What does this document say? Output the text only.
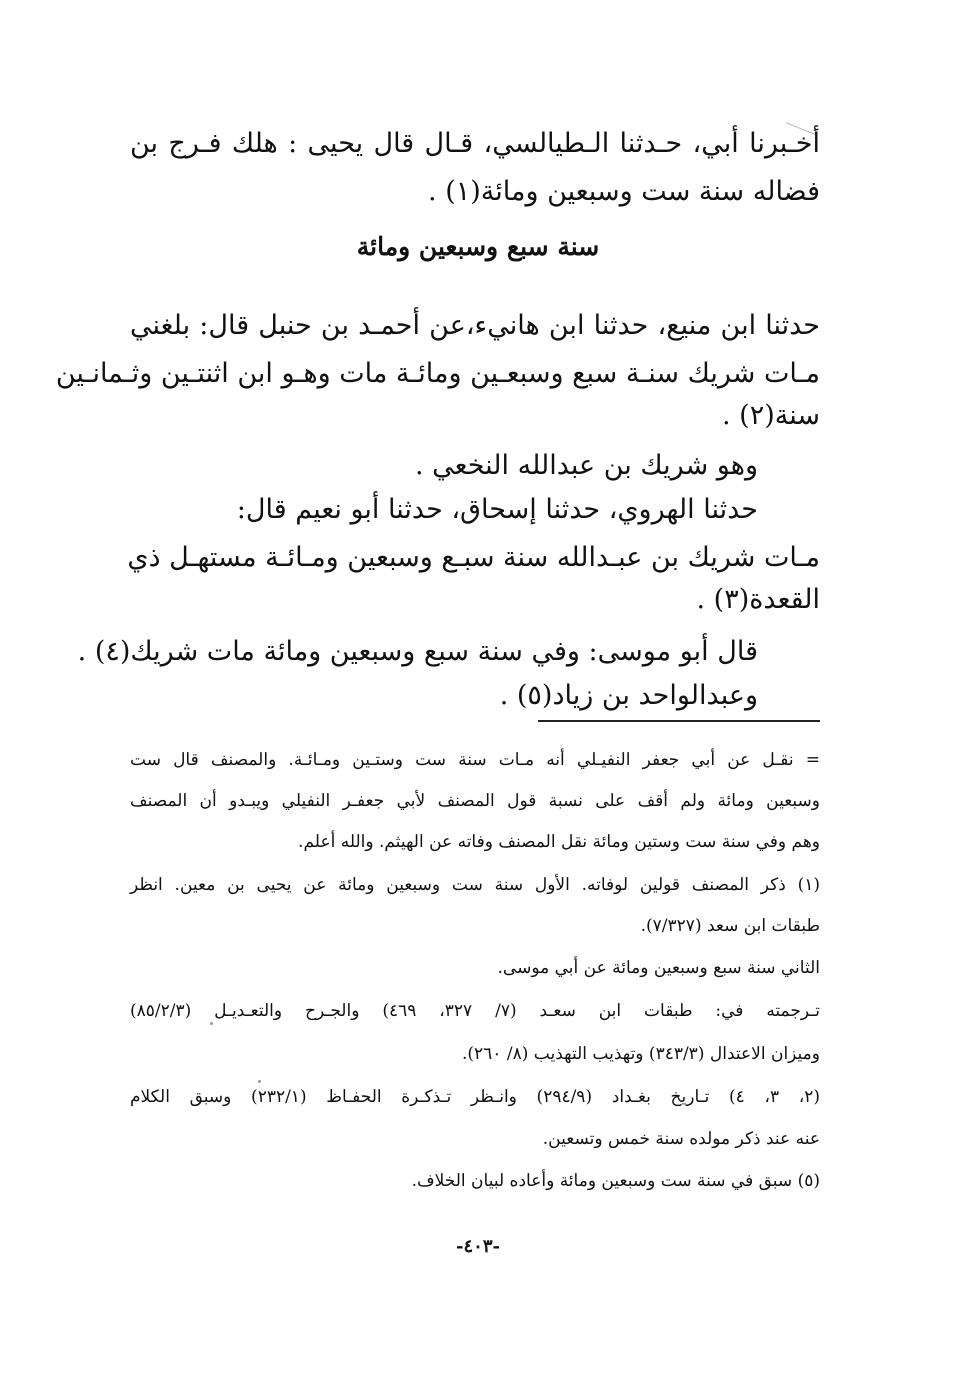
أخـبرنا أبي، حـدثنا الـطيالسي، قـال قال يحيى : هلك فـرج بن
فضاله سنة ست وسبعين ومائة(١) .
سنة سبع وسبعين ومائة
حدثنا ابن منيع، حدثنا ابن هانيء،عن أحمـد بن حنبل قال: بلغني
مـات شريك سنـة سبع وسبعـين ومائـة مات وهـو ابن اثنتـين وثـمانـين
سنة(٢) .
وهو شريك بن عبدالله النخعي .
حدثنا الهروي، حدثنا إسحاق، حدثنا أبو نعيم قال:
مـات شريك بن عبـدالله سنة سبـع وسبعين ومـائـة مستهـل ذي
القعدة(٣) .
قال أبو موسى: وفي سنة سبع وسبعين ومائة مات شريك(٤) .
وعبدالواحد بن زياد(٥) .
= نقـل عن أبي جعفر النفيـلي أنه مـات سنة ست وستـين ومـائـة. والمصنف قال ست
وسبعين ومائة ولم أقف على نسبة قول المصنف لأبي جعفـر النفيلي ويبـدو أن المصنف
وهم وفي سنة ست وستين ومائة نقل المصنف وفاته عن الهيثم. والله أعلم.
(١) ذكر المصنف قولين لوفاته. الأول سنة ست وسبعين ومائة عن يحيى بن معين. انظر
طبقات ابن سعد (٧/٣٢٧).
الثاني سنة سبع وسبعين ومائة عن أبي موسى.
تـرجمته في: طبقات ابن سعـد (٧/ ٣٢٧، ٤٦٩) والجـرح والتعـديـل (٨٥/٢/٣)
وميزان الاعتدال (٣٤٣/٣) وتهذيب التهذيب (٨/ ٢٦٠).
(٢، ٣، ٤) تـاريخ بغـداد (٢٩٤/٩) وانـظر تـذكـرة الحفـاظ (٢٣٢/١) وسبق الكلام
عنه عند ذكر مولده سنة خمس وتسعين.
(٥) سبق في سنة ست وسبعين ومائة وأعاده لبيان الخلاف.
-٤٠٣-
